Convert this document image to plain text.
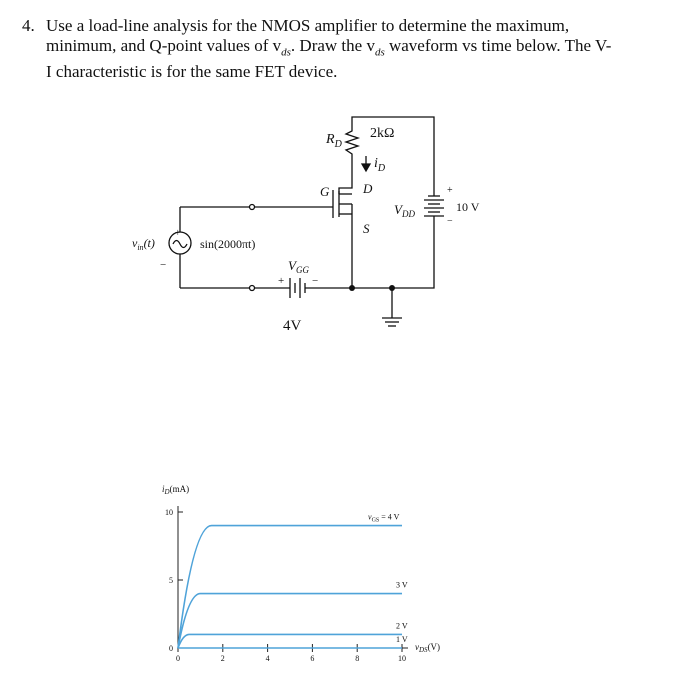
4. Use a load-line analysis for the NMOS amplifier to determine the maximum,
minimum, and Q-point values of $v_{ds}$. Draw the $v_{ds}$ waveform vs time below. The V-
I characteristic is for the same FET device.
$R_D$
2kΩ
$i_D$
D
G
S
$V_{DD}$
+
−
10 V
+
−
$v_{in}(t)$	sin(2000πt)
$V_{GG}$
+	−
4V
$i_D(mA)$
$v_{DS}(V)$
0	2	4	6	8	10
0
5
10
$v_{GS} = 4$ V
3 V
2 V
1 V
